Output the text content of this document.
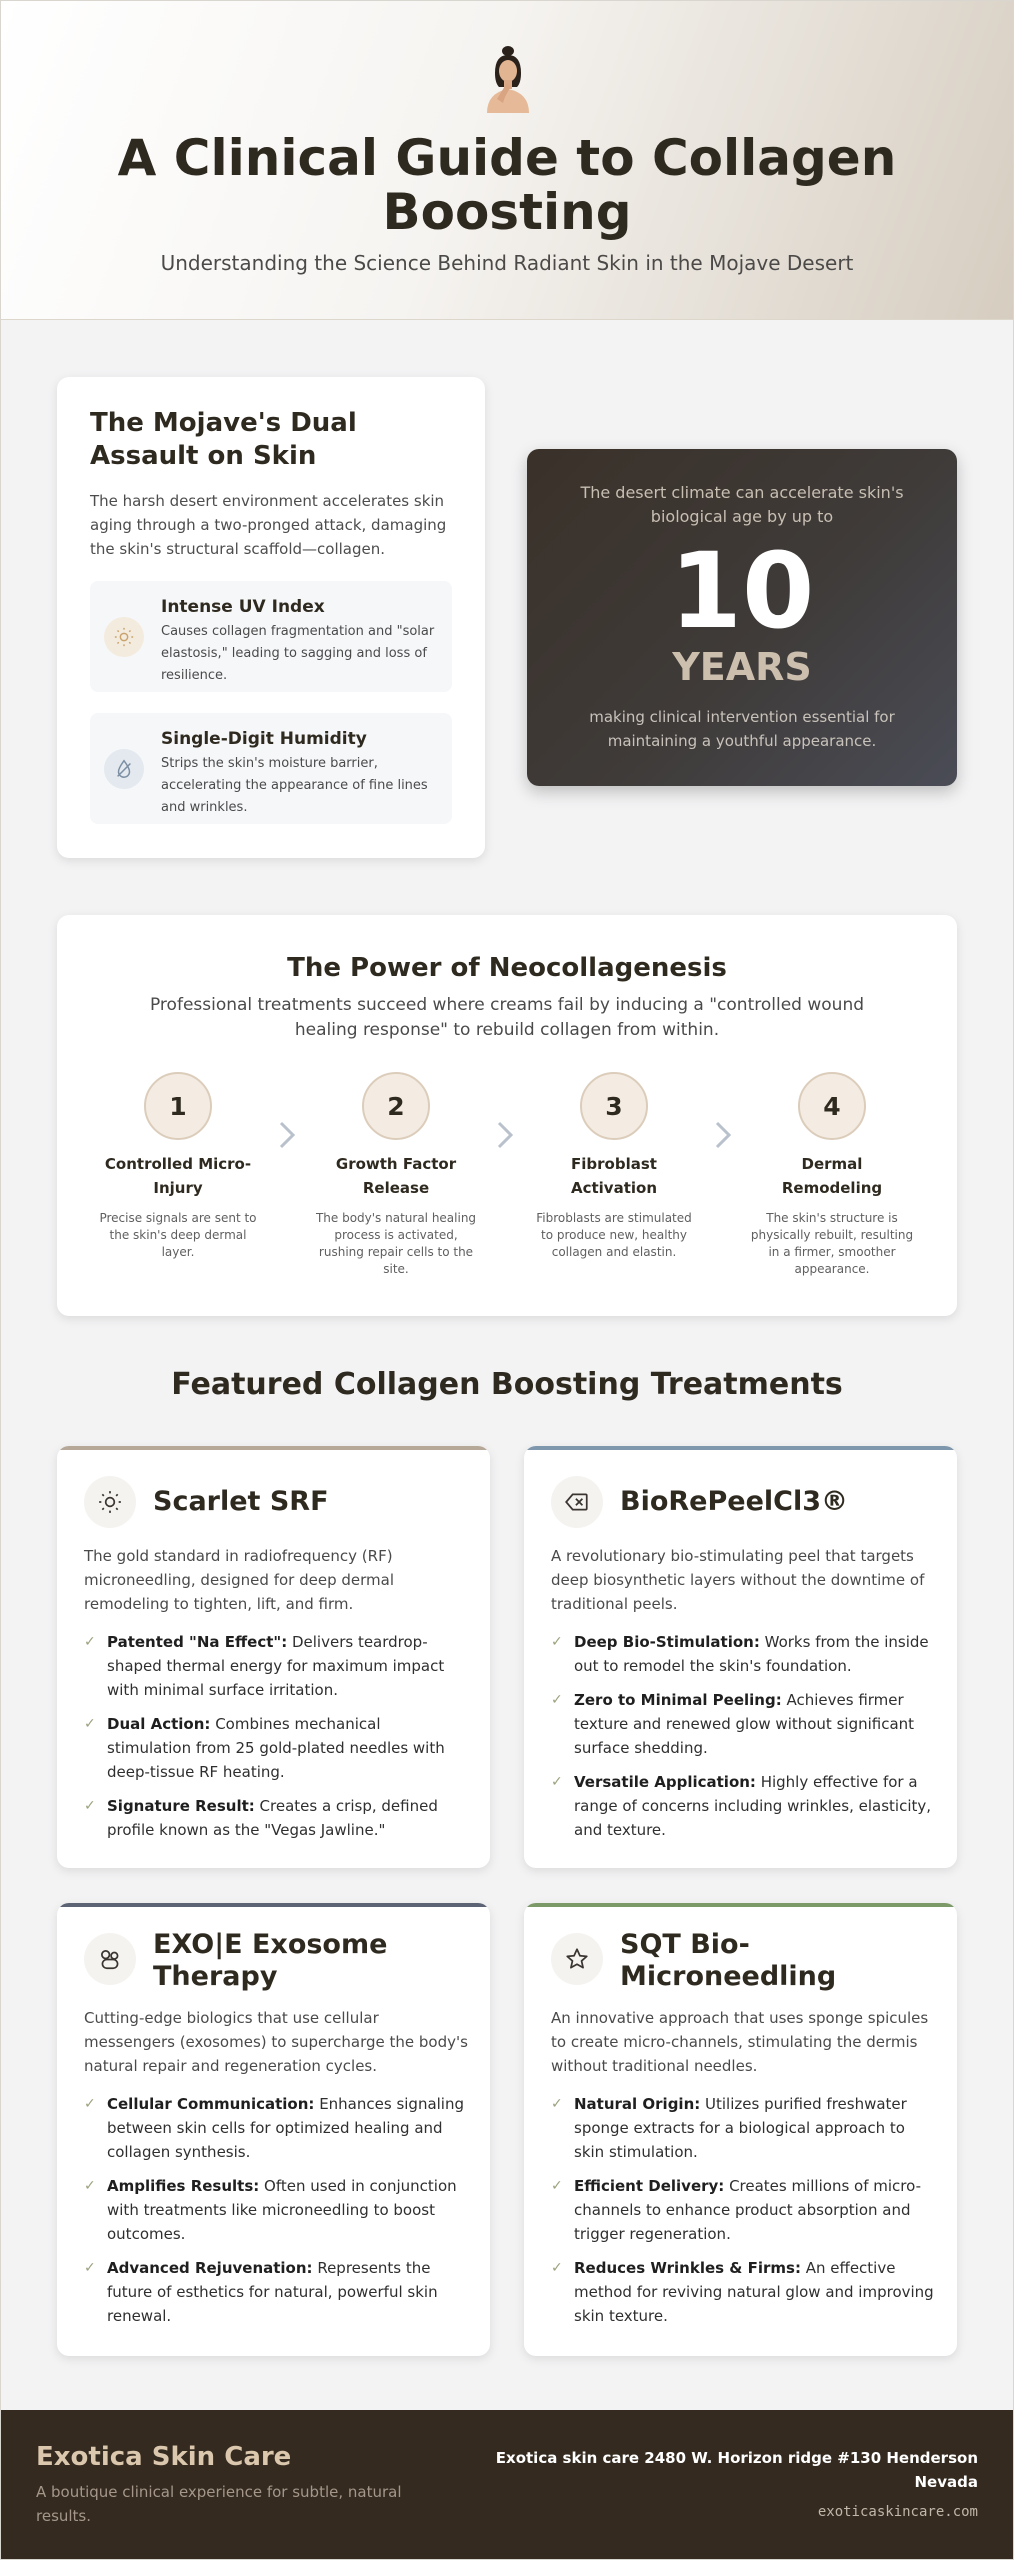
A Clinical Guide to Collagen Boosting

Understanding the Science Behind Radiant Skin in the Mojave Desert

The Mojave's Dual Assault on Skin

The harsh desert environment accelerates skin aging through a two-pronged attack, damaging the skin's structural scaffold—collagen.

Intense UV Index
Causes collagen fragmentation and "solar elastosis," leading to sagging and loss of resilience.
Single-Digit Humidity
Strips the skin's moisture barrier, accelerating the appearance of fine lines and wrinkles.

The desert climate can accelerate skin's biological age by up to

10
YEARS

making clinical intervention essential for maintaining a youthful appearance.

The Power of Neocollagenesis

Professional treatments succeed where creams fail by inducing a "controlled wound healing response" to rebuild collagen from within.

1
Controlled Micro-Injury
Precise signals are sent to the skin's deep dermal layer.
2
Growth Factor Release
The body's natural healing process is activated, rushing repair cells to the site.
3
Fibroblast Activation
Fibroblasts are stimulated to produce new, healthy collagen and elastin.
4
Dermal Remodeling
The skin's structure is physically rebuilt, resulting in a firmer, smoother appearance.
Featured Collagen Boosting Treatments
Scarlet SRF

The gold standard in radiofrequency (RF) microneedling, designed for deep dermal remodeling to tighten, lift, and firm.

✓ Patented "Na Effect": Delivers teardrop-shaped thermal energy for maximum impact with minimal surface irritation.
✓ Dual Action: Combines mechanical stimulation from 25 gold-plated needles with deep-tissue RF heating.
✓ Signature Result: Creates a crisp, defined profile known as the "Vegas Jawline."
BioRePeelCl3®

A revolutionary bio-stimulating peel that targets deep biosynthetic layers without the downtime of traditional peels.

✓ Deep Bio-Stimulation: Works from the inside out to remodel the skin's foundation.
✓ Zero to Minimal Peeling: Achieves firmer texture and renewed glow without significant surface shedding.
✓ Versatile Application: Highly effective for a range of concerns including wrinkles, elasticity, and texture.
EXO|E Exosome Therapy

Cutting-edge biologics that use cellular messengers (exosomes) to supercharge the body's natural repair and regeneration cycles.

✓ Cellular Communication: Enhances signaling between skin cells for optimized healing and collagen synthesis.
✓ Amplifies Results: Often used in conjunction with treatments like microneedling to boost outcomes.
✓ Advanced Rejuvenation: Represents the future of esthetics for natural, powerful skin renewal.
SQT Bio-Microneedling

An innovative approach that uses sponge spicules to create micro-channels, stimulating the dermis without traditional needles.

✓ Natural Origin: Utilizes purified freshwater sponge extracts for a biological approach to skin stimulation.
✓ Efficient Delivery: Creates millions of micro-channels to enhance product absorption and trigger regeneration.
✓ Reduces Wrinkles & Firms: An effective method for reviving natural glow and improving skin texture.
Exotica Skin Care
A boutique clinical experience for subtle, natural results.
Exotica skin care 2480 W. Horizon ridge #130 Henderson Nevada
exoticaskincare.com
